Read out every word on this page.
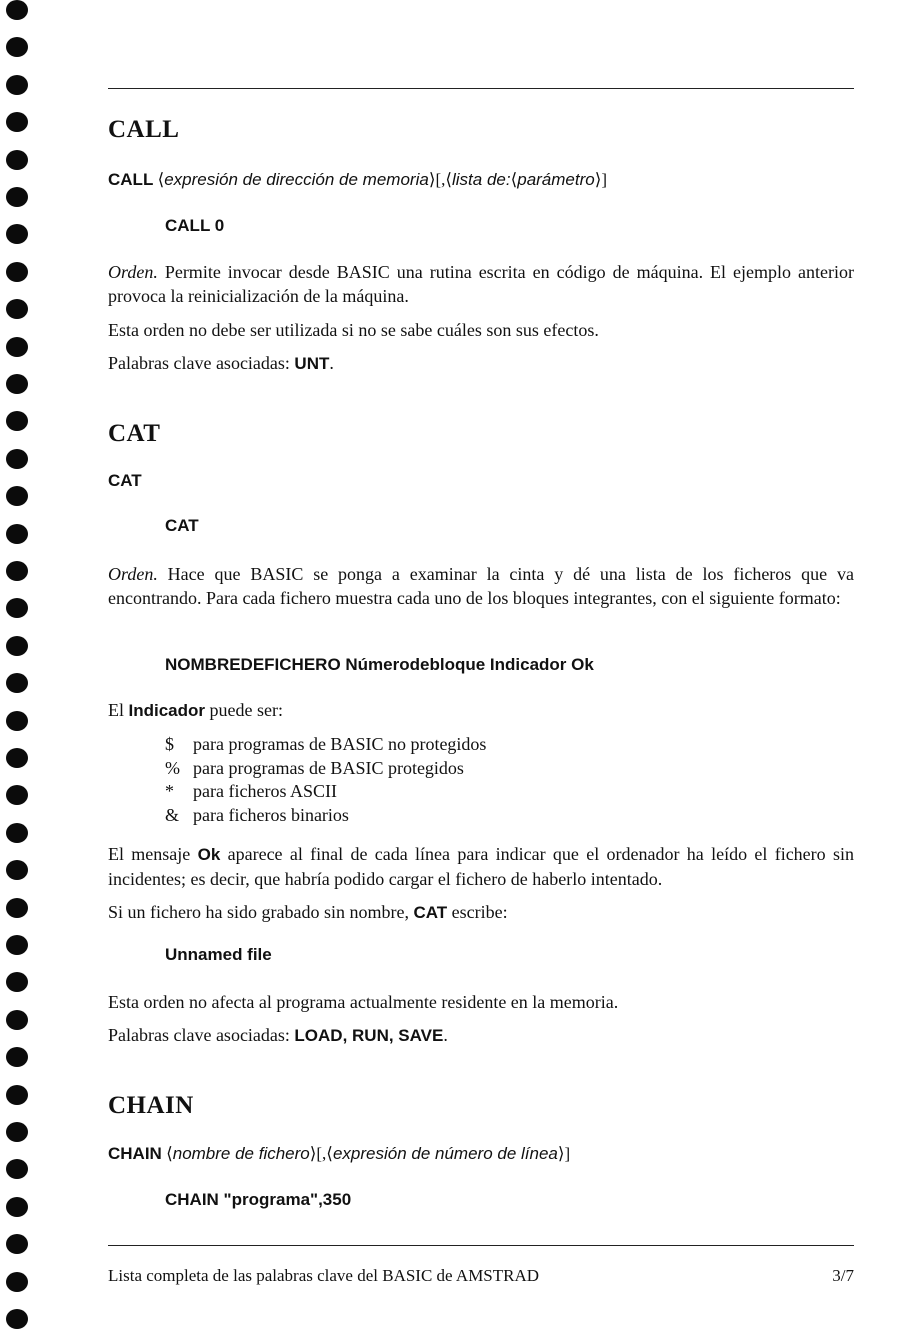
CALL
CALL ⟨expresión de dirección de memoria⟩[,⟨lista de:⟨parámetro⟩]
CALL 0

Orden. Permite invocar desde BASIC una rutina escrita en código de máquina. El ejemplo anterior provoca la reinicialización de la máquina.

Esta orden no debe ser utilizada si no se sabe cuáles son sus efectos.

Palabras clave asociadas: UNT.

CAT
CAT
CAT

Orden. Hace que BASIC se ponga a examinar la cinta y dé una lista de los ficheros que va encontrando. Para cada fichero muestra cada uno de los bloques integrantes, con el siguiente formato:

NOMBREDEFICHERO Númerodebloque Indicador Ok

El Indicador puede ser:

$ para programas de BASIC no protegidos
% para programas de BASIC protegidos
* para ficheros ASCII
& para ficheros binarios

El mensaje Ok aparece al final de cada línea para indicar que el ordenador ha leído el fichero sin incidentes; es decir, que habría podido cargar el fichero de haberlo intentado.

Si un fichero ha sido grabado sin nombre, CAT escribe:

Unnamed file

Esta orden no afecta al programa actualmente residente en la memoria.

Palabras clave asociadas: LOAD, RUN, SAVE.

CHAIN
CHAIN ⟨nombre de fichero⟩[,⟨expresión de número de línea⟩]
CHAIN "programa",350
Lista completa de las palabras clave del BASIC de AMSTRAD	3/7
